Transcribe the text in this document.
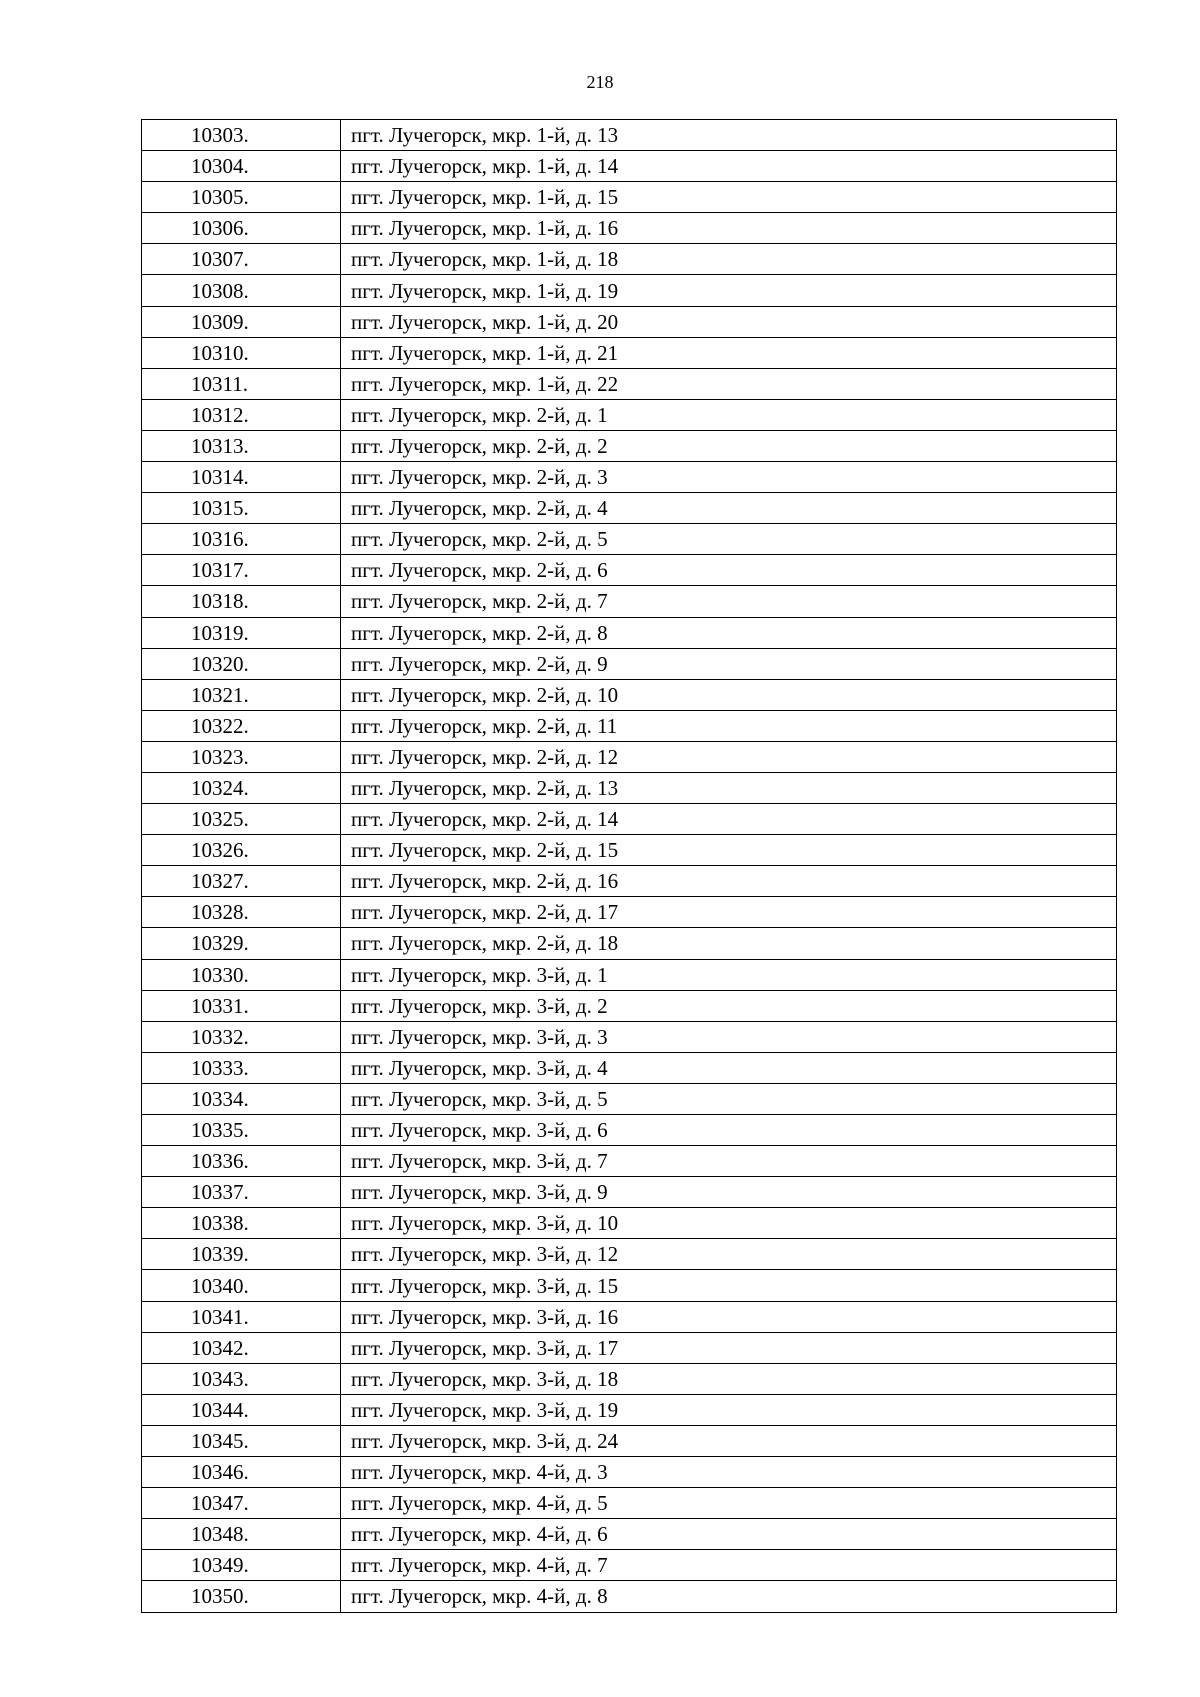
218
10303.	пгт. Лучегорск, мкр. 1-й, д. 13
10304.	пгт. Лучегорск, мкр. 1-й, д. 14
10305.	пгт. Лучегорск, мкр. 1-й, д. 15
10306.	пгт. Лучегорск, мкр. 1-й, д. 16
10307.	пгт. Лучегорск, мкр. 1-й, д. 18
10308.	пгт. Лучегорск, мкр. 1-й, д. 19
10309.	пгт. Лучегорск, мкр. 1-й, д. 20
10310.	пгт. Лучегорск, мкр. 1-й, д. 21
10311.	пгт. Лучегорск, мкр. 1-й, д. 22
10312.	пгт. Лучегорск, мкр. 2-й, д. 1
10313.	пгт. Лучегорск, мкр. 2-й, д. 2
10314.	пгт. Лучегорск, мкр. 2-й, д. 3
10315.	пгт. Лучегорск, мкр. 2-й, д. 4
10316.	пгт. Лучегорск, мкр. 2-й, д. 5
10317.	пгт. Лучегорск, мкр. 2-й, д. 6
10318.	пгт. Лучегорск, мкр. 2-й, д. 7
10319.	пгт. Лучегорск, мкр. 2-й, д. 8
10320.	пгт. Лучегорск, мкр. 2-й, д. 9
10321.	пгт. Лучегорск, мкр. 2-й, д. 10
10322.	пгт. Лучегорск, мкр. 2-й, д. 11
10323.	пгт. Лучегорск, мкр. 2-й, д. 12
10324.	пгт. Лучегорск, мкр. 2-й, д. 13
10325.	пгт. Лучегорск, мкр. 2-й, д. 14
10326.	пгт. Лучегорск, мкр. 2-й, д. 15
10327.	пгт. Лучегорск, мкр. 2-й, д. 16
10328.	пгт. Лучегорск, мкр. 2-й, д. 17
10329.	пгт. Лучегорск, мкр. 2-й, д. 18
10330.	пгт. Лучегорск, мкр. 3-й, д. 1
10331.	пгт. Лучегорск, мкр. 3-й, д. 2
10332.	пгт. Лучегорск, мкр. 3-й, д. 3
10333.	пгт. Лучегорск, мкр. 3-й, д. 4
10334.	пгт. Лучегорск, мкр. 3-й, д. 5
10335.	пгт. Лучегорск, мкр. 3-й, д. 6
10336.	пгт. Лучегорск, мкр. 3-й, д. 7
10337.	пгт. Лучегорск, мкр. 3-й, д. 9
10338.	пгт. Лучегорск, мкр. 3-й, д. 10
10339.	пгт. Лучегорск, мкр. 3-й, д. 12
10340.	пгт. Лучегорск, мкр. 3-й, д. 15
10341.	пгт. Лучегорск, мкр. 3-й, д. 16
10342.	пгт. Лучегорск, мкр. 3-й, д. 17
10343.	пгт. Лучегорск, мкр. 3-й, д. 18
10344.	пгт. Лучегорск, мкр. 3-й, д. 19
10345.	пгт. Лучегорск, мкр. 3-й, д. 24
10346.	пгт. Лучегорск, мкр. 4-й, д. 3
10347.	пгт. Лучегорск, мкр. 4-й, д. 5
10348.	пгт. Лучегорск, мкр. 4-й, д. 6
10349.	пгт. Лучегорск, мкр. 4-й, д. 7
10350.	пгт. Лучегорск, мкр. 4-й, д. 8
